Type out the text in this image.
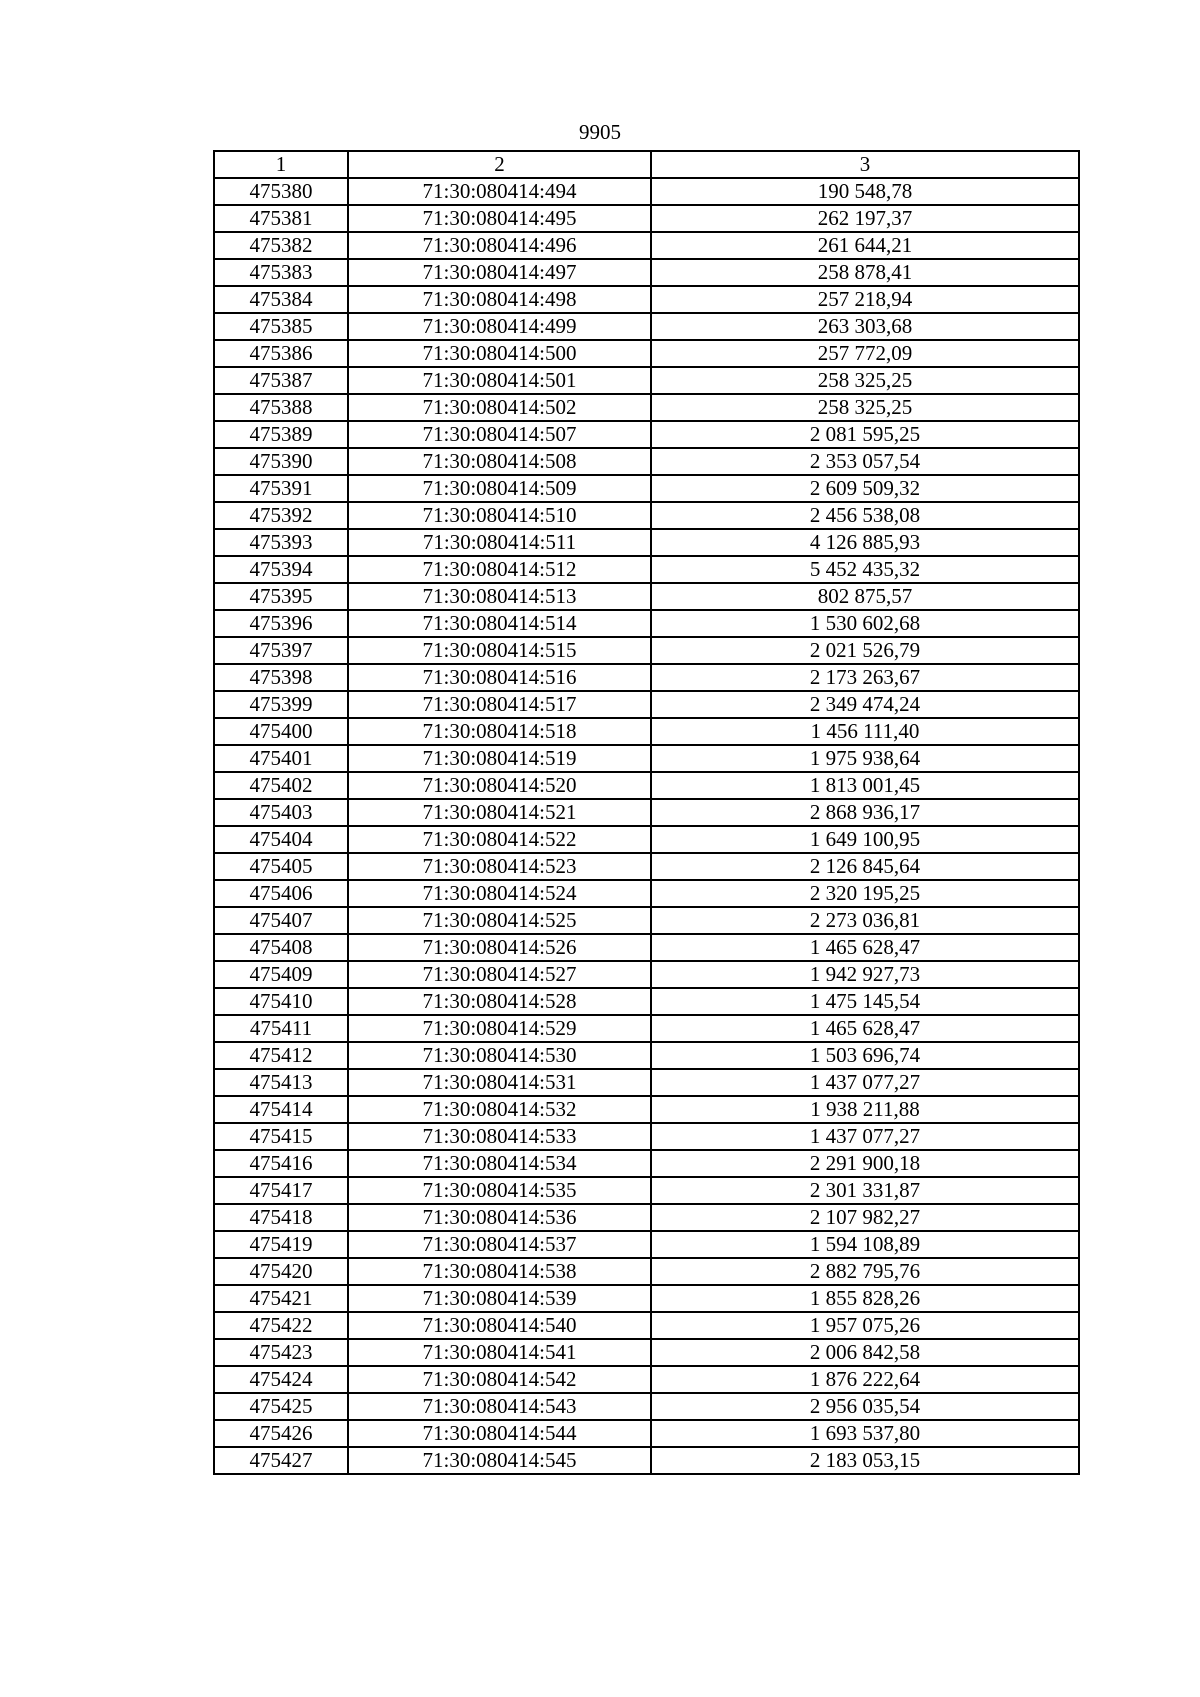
9905
1	2	3
475380	71:30:080414:494	190 548,78
475381	71:30:080414:495	262 197,37
475382	71:30:080414:496	261 644,21
475383	71:30:080414:497	258 878,41
475384	71:30:080414:498	257 218,94
475385	71:30:080414:499	263 303,68
475386	71:30:080414:500	257 772,09
475387	71:30:080414:501	258 325,25
475388	71:30:080414:502	258 325,25
475389	71:30:080414:507	2 081 595,25
475390	71:30:080414:508	2 353 057,54
475391	71:30:080414:509	2 609 509,32
475392	71:30:080414:510	2 456 538,08
475393	71:30:080414:511	4 126 885,93
475394	71:30:080414:512	5 452 435,32
475395	71:30:080414:513	802 875,57
475396	71:30:080414:514	1 530 602,68
475397	71:30:080414:515	2 021 526,79
475398	71:30:080414:516	2 173 263,67
475399	71:30:080414:517	2 349 474,24
475400	71:30:080414:518	1 456 111,40
475401	71:30:080414:519	1 975 938,64
475402	71:30:080414:520	1 813 001,45
475403	71:30:080414:521	2 868 936,17
475404	71:30:080414:522	1 649 100,95
475405	71:30:080414:523	2 126 845,64
475406	71:30:080414:524	2 320 195,25
475407	71:30:080414:525	2 273 036,81
475408	71:30:080414:526	1 465 628,47
475409	71:30:080414:527	1 942 927,73
475410	71:30:080414:528	1 475 145,54
475411	71:30:080414:529	1 465 628,47
475412	71:30:080414:530	1 503 696,74
475413	71:30:080414:531	1 437 077,27
475414	71:30:080414:532	1 938 211,88
475415	71:30:080414:533	1 437 077,27
475416	71:30:080414:534	2 291 900,18
475417	71:30:080414:535	2 301 331,87
475418	71:30:080414:536	2 107 982,27
475419	71:30:080414:537	1 594 108,89
475420	71:30:080414:538	2 882 795,76
475421	71:30:080414:539	1 855 828,26
475422	71:30:080414:540	1 957 075,26
475423	71:30:080414:541	2 006 842,58
475424	71:30:080414:542	1 876 222,64
475425	71:30:080414:543	2 956 035,54
475426	71:30:080414:544	1 693 537,80
475427	71:30:080414:545	2 183 053,15
